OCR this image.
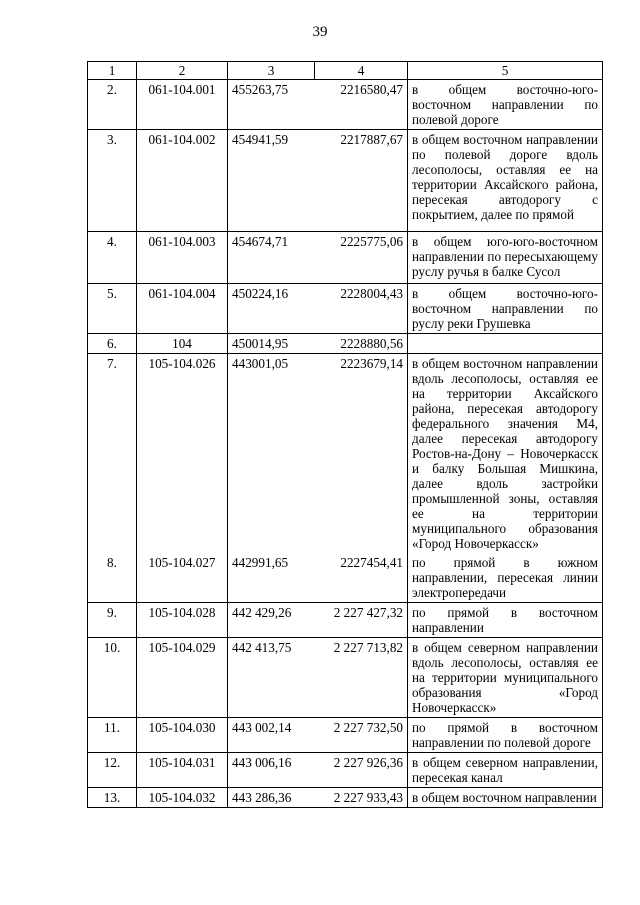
39
1	2	3	4	5
2.	061-104.001	455263,75	2216580,47	в общем восточно-юго-восточном направлении по полевой дороге
3.	061-104.002	454941,59	2217887,67	в общем восточном направлении по полевой дороге вдоль лесополосы, оставляя ее на территории Аксайского района, пересекая автодорогу с покрытием, далее по прямой
4.	061-104.003	454674,71	2225775,06	в общем юго-юго-восточном направлении по пересыхающему руслу ручья в балке Сусол
5.	061-104.004	450224,16	2228004,43	в общем восточно-юго-восточном направлении по руслу реки Грушевка
6.	104	450014,95	2228880,56	
7.	105-104.026	443001,05	2223679,14	в общем восточном направлении вдоль лесополосы, оставляя ее на территории Аксайского района, пересекая автодорогу федерального значения М4, далее пересекая автодорогу Ростов-на-Дону – Новочеркасск и балку Большая Мишкина, далее вдоль застройки промышленной зоны, оставляя ее на территории муниципального образования «Город Новочеркасск»
8.	105-104.027	442991,65	2227454,41	по прямой в южном направлении, пересекая линии электропередачи
9.	105-104.028	442 429,26	2 227 427,32	по прямой в восточном направлении
10.	105-104.029	442 413,75	2 227 713,82	в общем северном направлении вдоль лесополосы, оставляя ее на территории муниципального образования «Город Новочеркасск»
11.	105-104.030	443 002,14	2 227 732,50	по прямой в восточном направлении по полевой дороге
12.	105-104.031	443 006,16	2 227 926,36	в общем северном направлении, пересекая канал
13.	105-104.032	443 286,36	2 227 933,43	в общем восточном направлении
